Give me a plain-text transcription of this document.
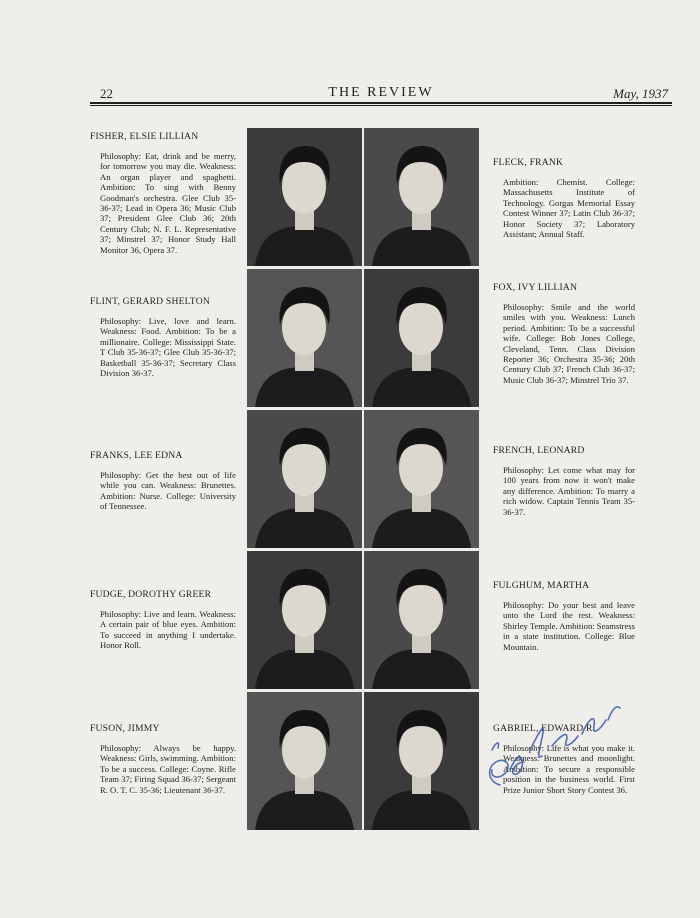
22	THE REVIEW	May, 1937
FISHER, ELSIE LILLIAN
Philosophy: Eat, drink and be merry, for tomorrow you may die. Weakness: An organ player and spaghetti. Ambition: To sing with Benny Goodman's orchestra. Glee Club 35-36-37; Lead in Opera 36; Music Club 37; President Glee Club 36; 20th Century Club; N. F. L. Representative 37; Minstrel 37; Honor Study Hall Monitor 36, Opera 37.
FLECK, FRANK
Ambition: Chemist. College: Massachusetts Institute of Technology. Gorgas Memorial Essay Contest Winner 37; Latin Club 36-37; Honor Society 37; Laboratory Assistant; Annual Staff.
FLINT, GERARD SHELTON
Philosophy: Live, love and learn. Weakness: Food. Ambition: To be a millionaire. College: Mississippi State. T Club 35-36-37; Glee Club 35-36-37; Basketball 35-36-37; Secretary Class Division 36-37.
FOX, IVY LILLIAN
Philosophy: Smile and the world smiles with you. Weakness: Lunch period. Ambition: To be a successful wife. College: Bob Jones College, Cleveland, Tenn. Class Division Reporter 36; Orchestra 35-36; 20th Century Club 37; French Club 36-37; Music Club 36-37; Minstrel Trio 37.
FRANKS, LEE EDNA
Philosophy: Get the best out of life while you can. Weakness: Brunettes. Ambition: Nurse. College: University of Tennessee.
FRENCH, LEONARD
Philosophy: Let come what may for 100 years from now it won't make any difference. Ambition: To marry a rich widow. Captain Tennis Team 35-36-37.
FUDGE, DOROTHY GREER
Philosophy: Live and learn. Weakness: A certain pair of blue eyes. Ambition: To succeed in anything I undertake. Honor Roll.
FULGHUM, MARTHA
Philosophy: Do your best and leave unto the Lord the rest. Weakness: Shirley Temple. Ambition: Seamstress in a state institution. College: Blue Mountain.
FUSON, JIMMY
Philosophy: Always be happy. Weakness: Girls, swimming. Ambition: To be a success. College: Coyne. Rifle Team 37; Firing Squad 36-37; Sergeant R. O. T. C. 35-36; Lieutenant 36-37.
GABRIEL, EDWARD R.
Philosophy: Life is what you make it. Weakness: Brunettes and moonlight. Ambition: To secure a responsible position in the business world. First Prize Junior Short Story Contest 36.
